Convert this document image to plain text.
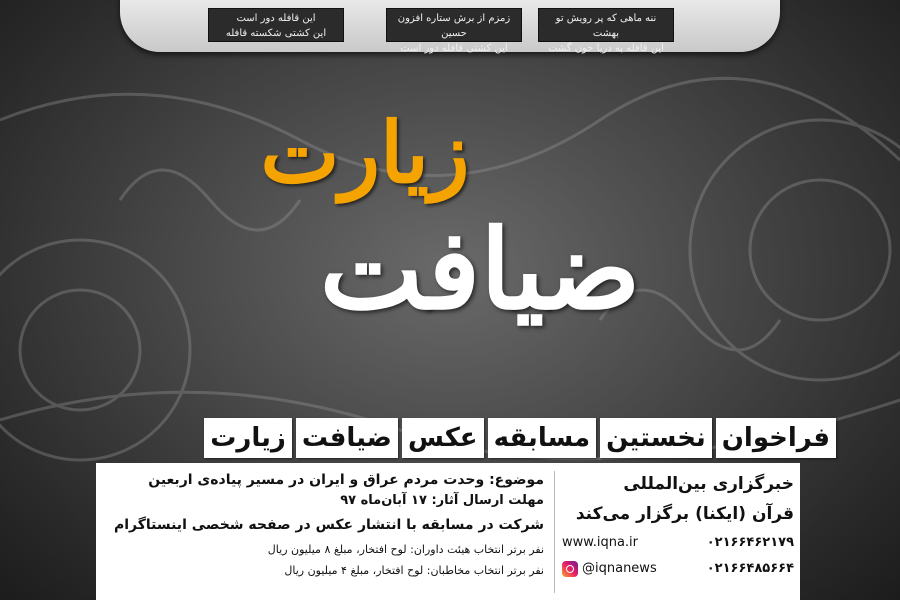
ننه ماهی که پر رویش تو بهشت
این قافله به دریا خون گشت
زمزم از برش ستاره افزون حسین
این کشتی قافله دور است
این قافله دور است
این کشتی شکسته قافله
زیارت
ضیافت
فراخوان
نخستین
مسابقه
عکس
ضیافت
زیارت
موضوع: وحدت مردم عراق و ایران در مسیر پیاده‌ی اربعین
مهلت ارسال آثار: ۱۷ آبان‌ماه ۹۷
شرکت در مسابقه با انتشار عکس در صفحه شخصی اینستاگرام
نفر برتر انتخاب هیئت داوران: لوح افتخار، مبلغ ۸ میلیون ریال
نفر برتر انتخاب مخاطبان: لوح افتخار، مبلغ ۴ میلیون ریال
خبرگزاری بین‌المللی
قرآن (ایکنا) برگزار می‌کند
www.iqna.ir	۰۲۱۶۶۴۶۲۱۷۹
@iqnanews	۰۲۱۶۶۴۸۵۶۶۴
